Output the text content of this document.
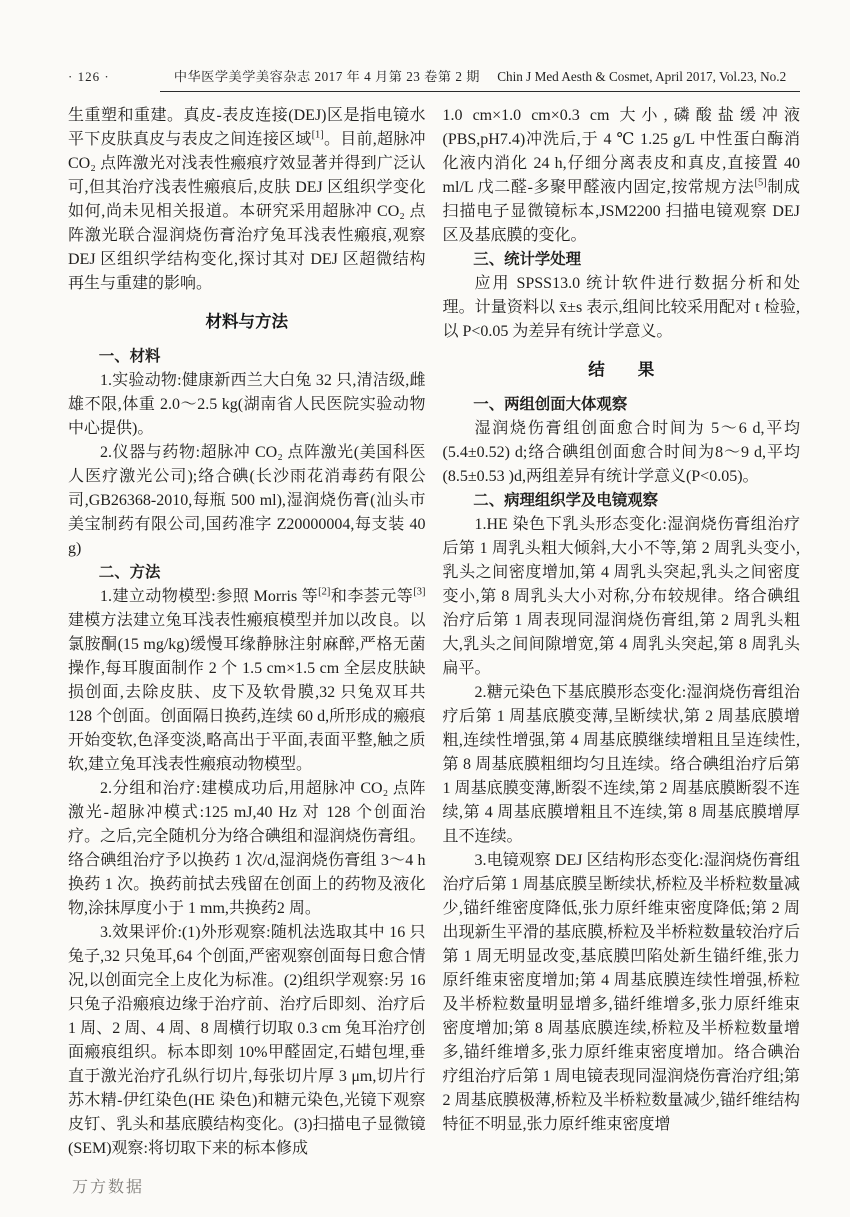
· 126 ·	中华医学美学美容杂志 2017 年 4 月第 23 卷第 2 期 Chin J Med Aesth & Cosmet, April 2017, Vol.23, No.2

生重塑和重建。真皮-表皮连接(DEJ)区是指电镜水平下皮肤真皮与表皮之间连接区域[1]。目前,超脉冲 CO₂ 点阵激光对浅表性瘢痕疗效显著并得到广泛认可,但其治疗浅表性瘢痕后,皮肤 DEJ 区组织学变化如何,尚未见相关报道。本研究采用超脉冲 CO₂ 点阵激光联合湿润烧伤膏治疗兔耳浅表性瘢痕,观察 DEJ 区组织学结构变化,探讨其对 DEJ 区超微结构再生与重建的影响。

材料与方法

一、材料

1.实验动物:健康新西兰大白兔 32 只,清洁级,雌雄不限,体重 2.0～2.5 kg(湖南省人民医院实验动物中心提供)。

2.仪器与药物:超脉冲 CO₂ 点阵激光(美国科医人医疗激光公司);络合碘(长沙雨花消毒药有限公司,GB26368-2010,每瓶 500 ml),湿润烧伤膏(汕头市美宝制药有限公司,国药准字 Z20000004,每支装 40 g)

二、方法

1.建立动物模型:参照 Morris 等[2]和李荟元等[3]建模方法建立兔耳浅表性瘢痕模型并加以改良。以氯胺酮(15 mg/kg)缓慢耳缘静脉注射麻醉,严格无菌操作,每耳腹面制作 2 个 1.5 cm×1.5 cm 全层皮肤缺损创面,去除皮肤、皮下及软骨膜,32 只兔双耳共 128 个创面。创面隔日换药,连续 60 d,所形成的瘢痕开始变软,色泽变淡,略高出于平面,表面平整,触之质软,建立兔耳浅表性瘢痕动物模型。

2.分组和治疗:建模成功后,用超脉冲 CO₂ 点阵激光-超脉冲模式:125 mJ,40 Hz 对 128 个创面治疗。之后,完全随机分为络合碘组和湿润烧伤膏组。络合碘组治疗予以换药 1 次/d,湿润烧伤膏组 3～4 h 换药 1 次。换药前拭去残留在创面上的药物及液化物,涂抹厚度小于 1 mm,共换药2 周。

3.效果评价:(1)外形观察:随机法选取其中 16 只兔子,32 只兔耳,64 个创面,严密观察创面每日愈合情况,以创面完全上皮化为标准。(2)组织学观察:另 16 只兔子沿瘢痕边缘于治疗前、治疗后即刻、治疗后 1 周、2 周、4 周、8 周横行切取 0.3 cm 兔耳治疗创面瘢痕组织。标本即刻 10%甲醛固定,石蜡包埋,垂直于激光治疗孔纵行切片,每张切片厚 3 μm,切片行苏木精-伊红染色(HE 染色)和糖元染色,光镜下观察皮钉、乳头和基底膜结构变化。(3)扫描电子显微镜(SEM)观察:将切取下来的标本修成

1.0 cm×1.0 cm×0.3 cm 大小,磷酸盐缓冲液(PBS,pH7.4)冲洗后,于 4 ℃ 1.25 g/L 中性蛋白酶消化液内消化 24 h,仔细分离表皮和真皮,直接置 40 ml/L 戊二醛-多聚甲醛液内固定,按常规方法[5]制成扫描电子显微镜标本,JSM2200 扫描电镜观察 DEJ 区及基底膜的变化。

三、统计学处理

应用 SPSS13.0 统计软件进行数据分析和处理。计量资料以 x̄±s 表示,组间比较采用配对 t 检验,以 P<0.05 为差异有统计学意义。

结　　果

一、两组创面大体观察

湿润烧伤膏组创面愈合时间为 5～6 d,平均(5.4±0.52) d;络合碘组创面愈合时间为8～9 d,平均(8.5±0.53 )d,两组差异有统计学意义(P<0.05)。

二、病理组织学及电镜观察

1.HE 染色下乳头形态变化:湿润烧伤膏组治疗后第 1 周乳头粗大倾斜,大小不等,第 2 周乳头变小,乳头之间密度增加,第 4 周乳头突起,乳头之间密度变小,第 8 周乳头大小对称,分布较规律。络合碘组治疗后第 1 周表现同湿润烧伤膏组,第 2 周乳头粗大,乳头之间间隙增宽,第 4 周乳头突起,第 8 周乳头扁平。

2.糖元染色下基底膜形态变化:湿润烧伤膏组治疗后第 1 周基底膜变薄,呈断续状,第 2 周基底膜增粗,连续性增强,第 4 周基底膜继续增粗且呈连续性,第 8 周基底膜粗细均匀且连续。络合碘组治疗后第 1 周基底膜变薄,断裂不连续,第 2 周基底膜断裂不连续,第 4 周基底膜增粗且不连续,第 8 周基底膜增厚且不连续。

3.电镜观察 DEJ 区结构形态变化:湿润烧伤膏组治疗后第 1 周基底膜呈断续状,桥粒及半桥粒数量减少,锚纤维密度降低,张力原纤维束密度降低;第 2 周出现新生平滑的基底膜,桥粒及半桥粒数量较治疗后第 1 周无明显改变,基底膜凹陷处新生锚纤维,张力原纤维束密度增加;第 4 周基底膜连续性增强,桥粒及半桥粒数量明显增多,锚纤维增多,张力原纤维束密度增加;第 8 周基底膜连续,桥粒及半桥粒数量增多,锚纤维增多,张力原纤维束密度增加。络合碘治疗组治疗后第 1 周电镜表现同湿润烧伤膏治疗组;第 2 周基底膜极薄,桥粒及半桥粒数量减少,锚纤维结构特征不明显,张力原纤维束密度增

万方数据
